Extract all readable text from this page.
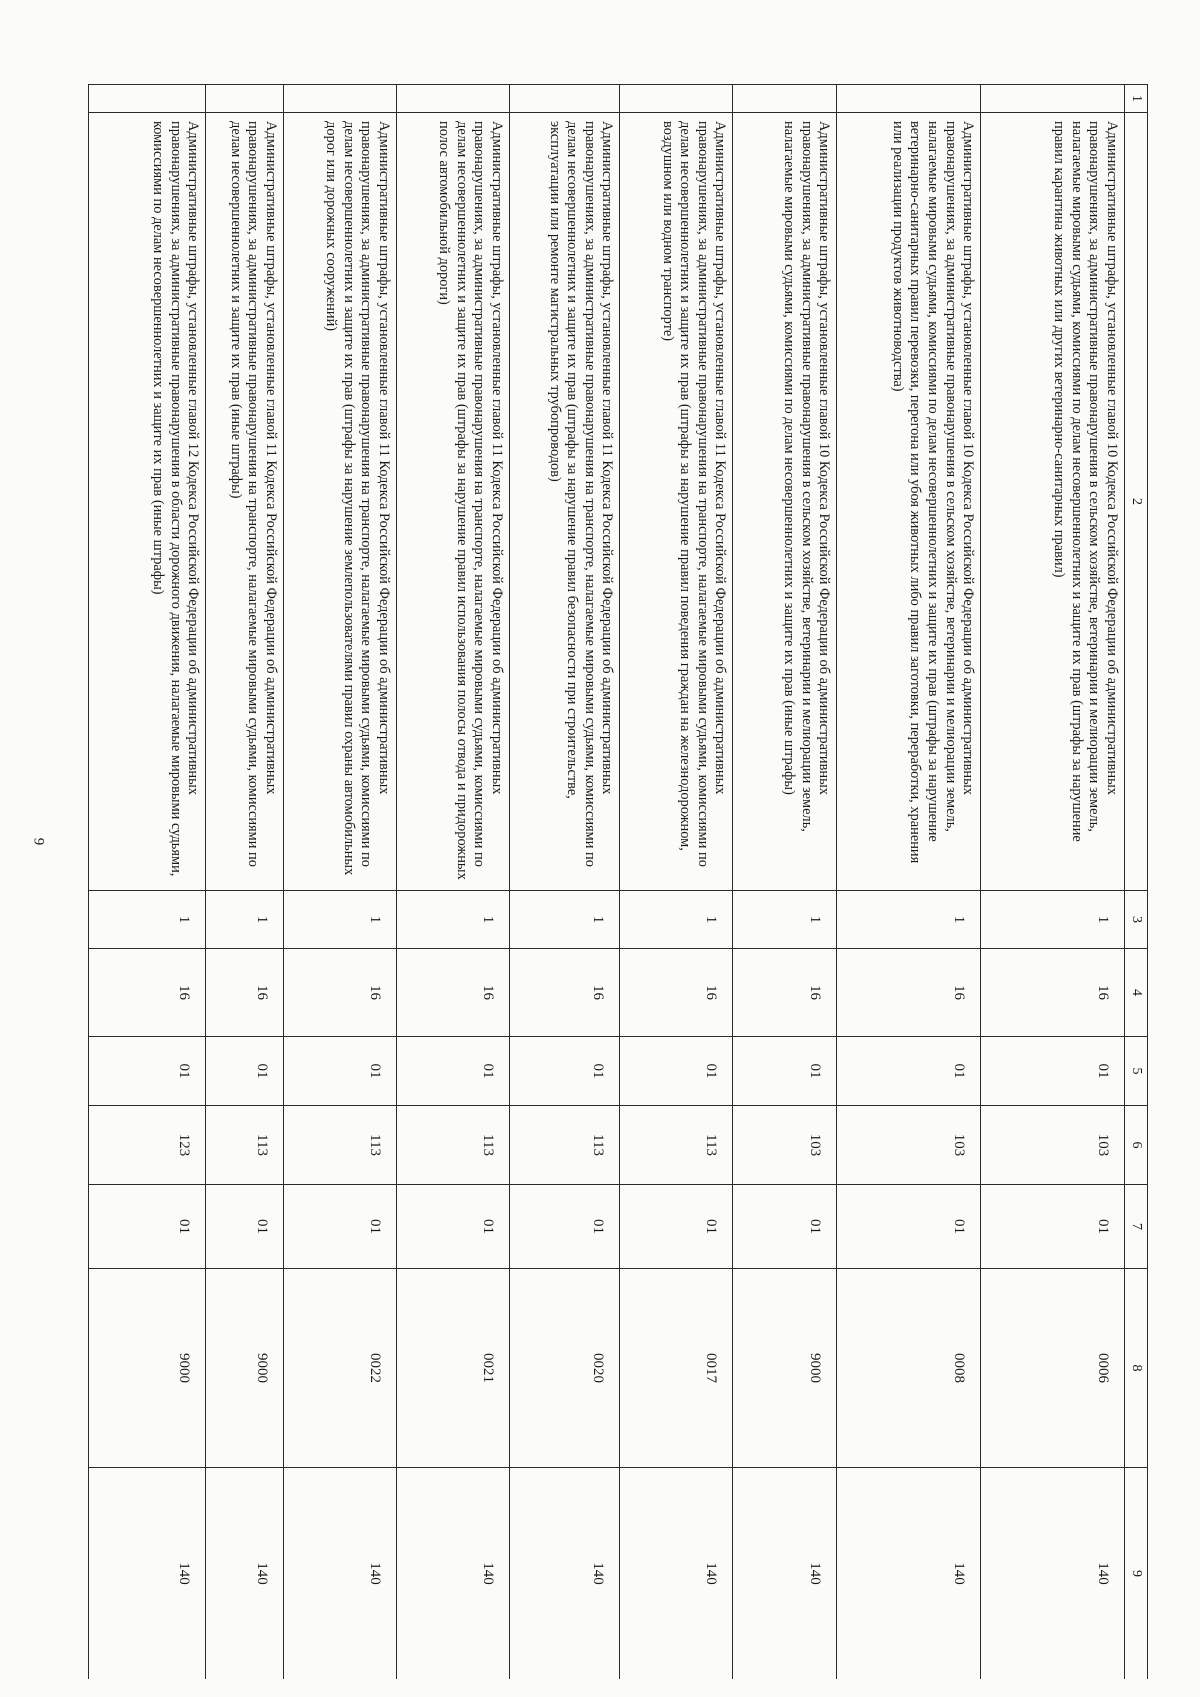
9
1	2	3	4	5	6	7	8	9
	Административные штрафы, установленные главой 10 Кодекса Российской Федерации об административных правонарушениях, за административные правонарушения в сельском хозяйстве, ветеринарии и мелиорации земель, налагаемые мировыми судьями, комиссиями по делам несовершеннолетних и защите их прав (штрафы за нарушение правил карантина животных или других ветеринарно-санитарных правил)	1	16	01	103	01	0006	140
	Административные штрафы, установленные главой 10 Кодекса Российской Федерации об административных правонарушениях, за административные правонарушения в сельском хозяйстве, ветеринарии и мелиорации земель, налагаемые мировыми судьями, комиссиями по делам несовершеннолетних и защите их прав (штрафы за нарушение ветеринарно-санитарных правил перевозки, перегона или убоя животных либо правил заготовки, переработки, хранения или реализации продуктов животноводства)	1	16	01	103	01	0008	140
	Административные штрафы, установленные главой 10 Кодекса Российской Федерации об административных правонарушениях, за административные правонарушения в сельском хозяйстве, ветеринарии и мелиорации земель, налагаемые мировыми судьями, комиссиями по делам несовершеннолетних и защите их прав (иные штрафы)	1	16	01	103	01	9000	140
	Административные штрафы, установленные главой 11 Кодекса Российской Федерации об административных правонарушениях, за административные правонарушения на транспорте, налагаемые мировыми судьями, комиссиями по делам несовершеннолетних и защите их прав (штрафы за нарушение правил поведения граждан на железнодорожном, воздушном или водном транспорте)	1	16	01	113	01	0017	140
	Административные штрафы, установленные главой 11 Кодекса Российской Федерации об административных правонарушениях, за административные правонарушения на транспорте, налагаемые мировыми судьями, комиссиями по делам несовершеннолетних и защите их прав (штрафы за нарушение правил безопасности при строительстве, эксплуатации или ремонте магистральных трубопроводов)	1	16	01	113	01	0020	140
	Административные штрафы, установленные главой 11 Кодекса Российской Федерации об административных правонарушениях, за административные правонарушения на транспорте, налагаемые мировыми судьями, комиссиями по делам несовершеннолетних и защите их прав (штрафы за нарушение правил использования полосы отвода и придорожных полос автомобильной дороги)	1	16	01	113	01	0021	140
	Административные штрафы, установленные главой 11 Кодекса Российской Федерации об административных правонарушениях, за административные правонарушения на транспорте, налагаемые мировыми судьями, комиссиями по делам несовершеннолетних и защите их прав (штрафы за нарушение землепользователями правил охраны автомобильных дорог или дорожных сооружений)	1	16	01	113	01	0022	140
	Административные штрафы, установленные главой 11 Кодекса Российской Федерации об административных правонарушениях, за административные правонарушения на транспорте, налагаемые мировыми судьями, комиссиями по делам несовершеннолетних и защите их прав (иные штрафы)	1	16	01	113	01	9000	140
	Административные штрафы, установленные главой 12 Кодекса Российской Федерации об административных правонарушениях, за административные правонарушения в области дорожного движения, налагаемые мировыми судьями, комиссиями по делам несовершеннолетних и защите их прав (иные штрафы)	1	16	01	123	01	9000	140
